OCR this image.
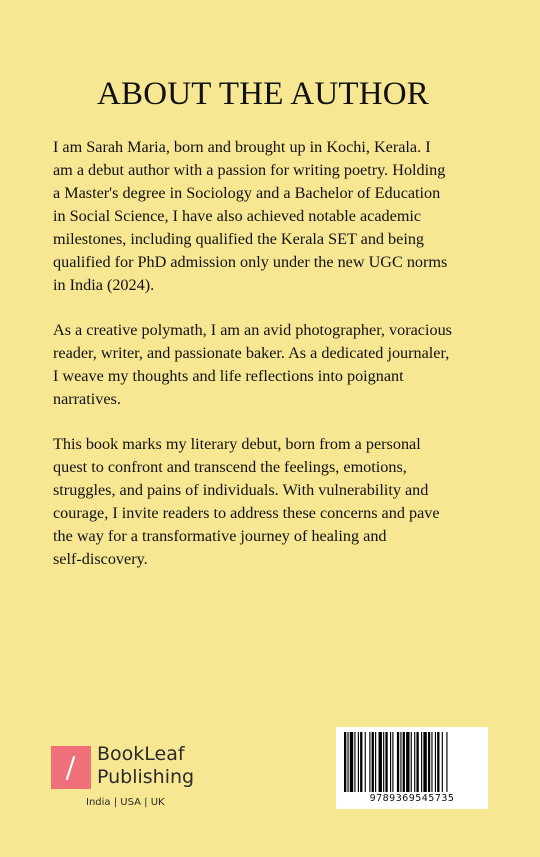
ABOUT THE AUTHOR

I am Sarah Maria, born and brought up in Kochi, Kerala. I
am a debut author with a passion for writing poetry. Holding
a Master's degree in Sociology and a Bachelor of Education
in Social Science, I have also achieved notable academic
milestones, including qualified the Kerala SET and being
qualified for PhD admission only under the new UGC norms
in India (2024).

As a creative polymath, I am an avid photographer, voracious
reader, writer, and passionate baker. As a dedicated journaler,
I weave my thoughts and life reflections into poignant
narratives.

This book marks my literary debut, born from a personal
quest to confront and transcend the feelings, emotions,
struggles, and pains of individuals. With vulnerability and
courage, I invite readers to address these concerns and pave
the way for a transformative journey of healing and
self-discovery.

BookLeaf
Publishing
India | USA | UK	9789369545735
